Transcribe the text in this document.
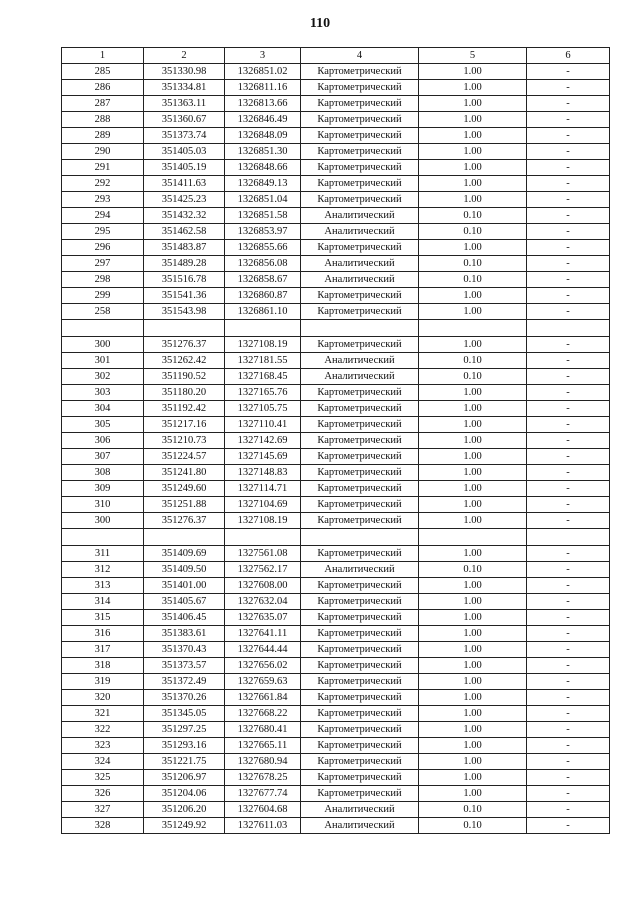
110
1	2	3	4	5	6
285	351330.98	1326851.02	Картометрический	1.00	-
286	351334.81	1326811.16	Картометрический	1.00	-
287	351363.11	1326813.66	Картометрический	1.00	-
288	351360.67	1326846.49	Картометрический	1.00	-
289	351373.74	1326848.09	Картометрический	1.00	-
290	351405.03	1326851.30	Картометрический	1.00	-
291	351405.19	1326848.66	Картометрический	1.00	-
292	351411.63	1326849.13	Картометрический	1.00	-
293	351425.23	1326851.04	Картометрический	1.00	-
294	351432.32	1326851.58	Аналитический	0.10	-
295	351462.58	1326853.97	Аналитический	0.10	-
296	351483.87	1326855.66	Картометрический	1.00	-
297	351489.28	1326856.08	Аналитический	0.10	-
298	351516.78	1326858.67	Аналитический	0.10	-
299	351541.36	1326860.87	Картометрический	1.00	-
258	351543.98	1326861.10	Картометрический	1.00	-

300	351276.37	1327108.19	Картометрический	1.00	-
301	351262.42	1327181.55	Аналитический	0.10	-
302	351190.52	1327168.45	Аналитический	0.10	-
303	351180.20	1327165.76	Картометрический	1.00	-
304	351192.42	1327105.75	Картометрический	1.00	-
305	351217.16	1327110.41	Картометрический	1.00	-
306	351210.73	1327142.69	Картометрический	1.00	-
307	351224.57	1327145.69	Картометрический	1.00	-
308	351241.80	1327148.83	Картометрический	1.00	-
309	351249.60	1327114.71	Картометрический	1.00	-
310	351251.88	1327104.69	Картометрический	1.00	-
300	351276.37	1327108.19	Картометрический	1.00	-

311	351409.69	1327561.08	Картометрический	1.00	-
312	351409.50	1327562.17	Аналитический	0.10	-
313	351401.00	1327608.00	Картометрический	1.00	-
314	351405.67	1327632.04	Картометрический	1.00	-
315	351406.45	1327635.07	Картометрический	1.00	-
316	351383.61	1327641.11	Картометрический	1.00	-
317	351370.43	1327644.44	Картометрический	1.00	-
318	351373.57	1327656.02	Картометрический	1.00	-
319	351372.49	1327659.63	Картометрический	1.00	-
320	351370.26	1327661.84	Картометрический	1.00	-
321	351345.05	1327668.22	Картометрический	1.00	-
322	351297.25	1327680.41	Картометрический	1.00	-
323	351293.16	1327665.11	Картометрический	1.00	-
324	351221.75	1327680.94	Картометрический	1.00	-
325	351206.97	1327678.25	Картометрический	1.00	-
326	351204.06	1327677.74	Картометрический	1.00	-
327	351206.20	1327604.68	Аналитический	0.10	-
328	351249.92	1327611.03	Аналитический	0.10	-
